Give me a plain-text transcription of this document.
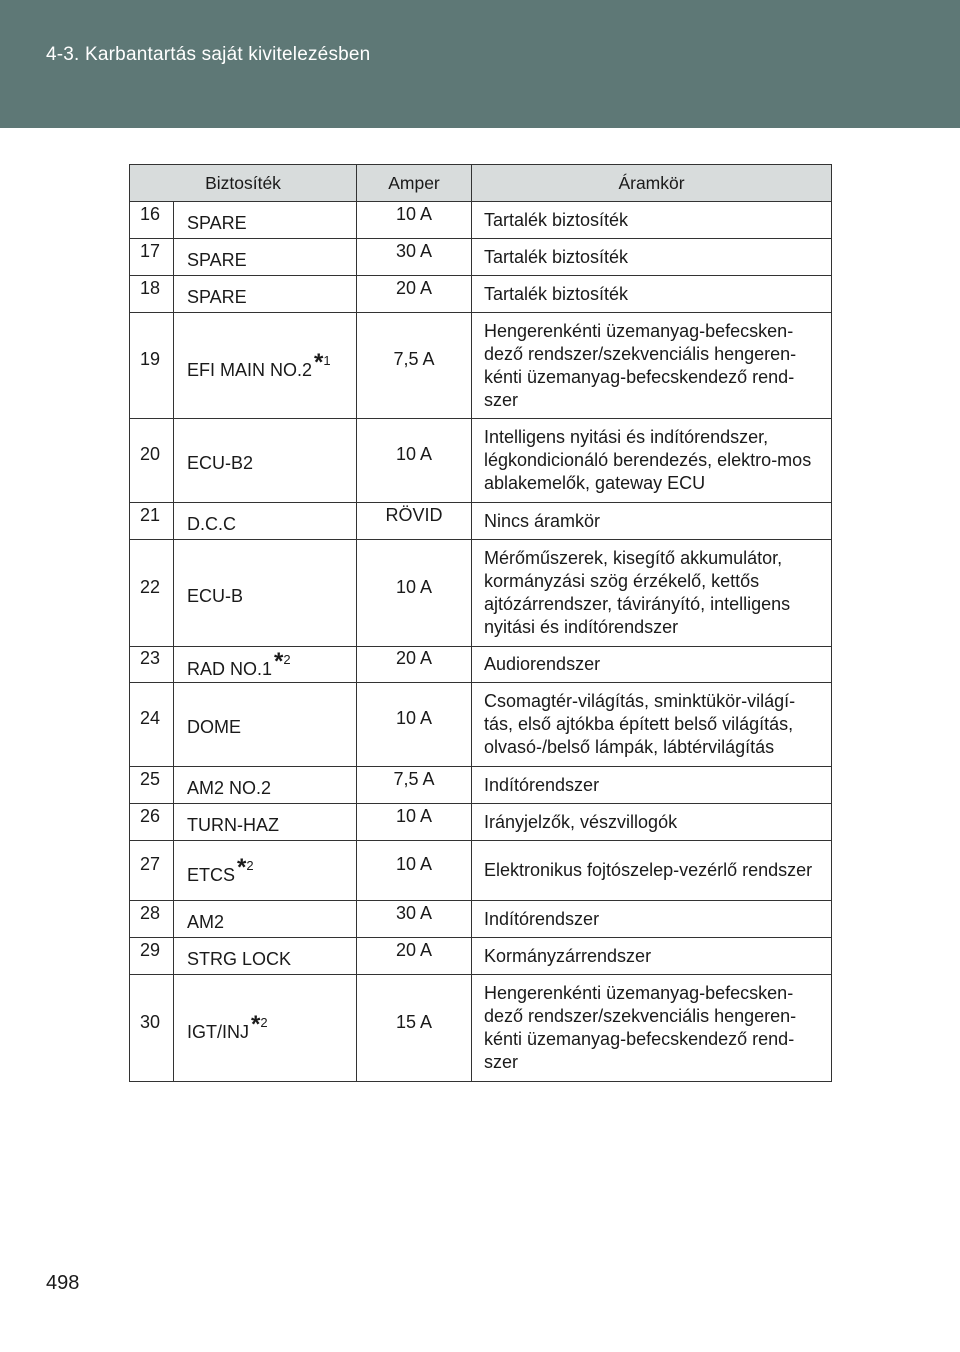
4-3. Karbantartás saját kivitelezésben
Biztosíték		Amper	Áramkör
16	SPARE	10 A	Tartalék biztosíték
17	SPARE	30 A	Tartalék biztosíték
18	SPARE	20 A	Tartalék biztosíték
19	EFI MAIN NO.2*$^1$	7,5 A	Hengerenkénti üzemanyag-befecsken-dező rendszer/szekvenciális hengeren-kénti üzemanyag-befecskendező rend-szer
20	ECU-B2	10 A	Intelligens nyitási és indítórendszer, légkondicionáló berendezés, elektro-mos ablakemelők, gateway ECU
21	D.C.C	RÖVID	Nincs áramkör
22	ECU-B	10 A	Mérőműszerek, kisegítő akkumulátor, kormányzási szög érzékelő, kettős ajtózárrendszer, távirányító, intelligens nyitási és indítórendszer
23	RAD NO.1*$^2$	20 A	Audiorendszer
24	DOME	10 A	Csomagtér-világítás, sminktükör-világí-tás, első ajtókba épített belső világítás, olvasó-/belső lámpák, lábtérvilágítás
25	AM2 NO.2	7,5 A	Indítórendszer
26	TURN-HAZ	10 A	Irányjelzők, vészvillogók
27	ETCS*$^2$	10 A	Elektronikus fojtószelep-vezérlő rendszer
28	AM2	30 A	Indítórendszer
29	STRG LOCK	20 A	Kormányzárrendszer
30	IGT/INJ*$^2$	15 A	Hengerenkénti üzemanyag-befecsken-dező rendszer/szekvenciális hengeren-kénti üzemanyag-befecskendező rend-szer
498
